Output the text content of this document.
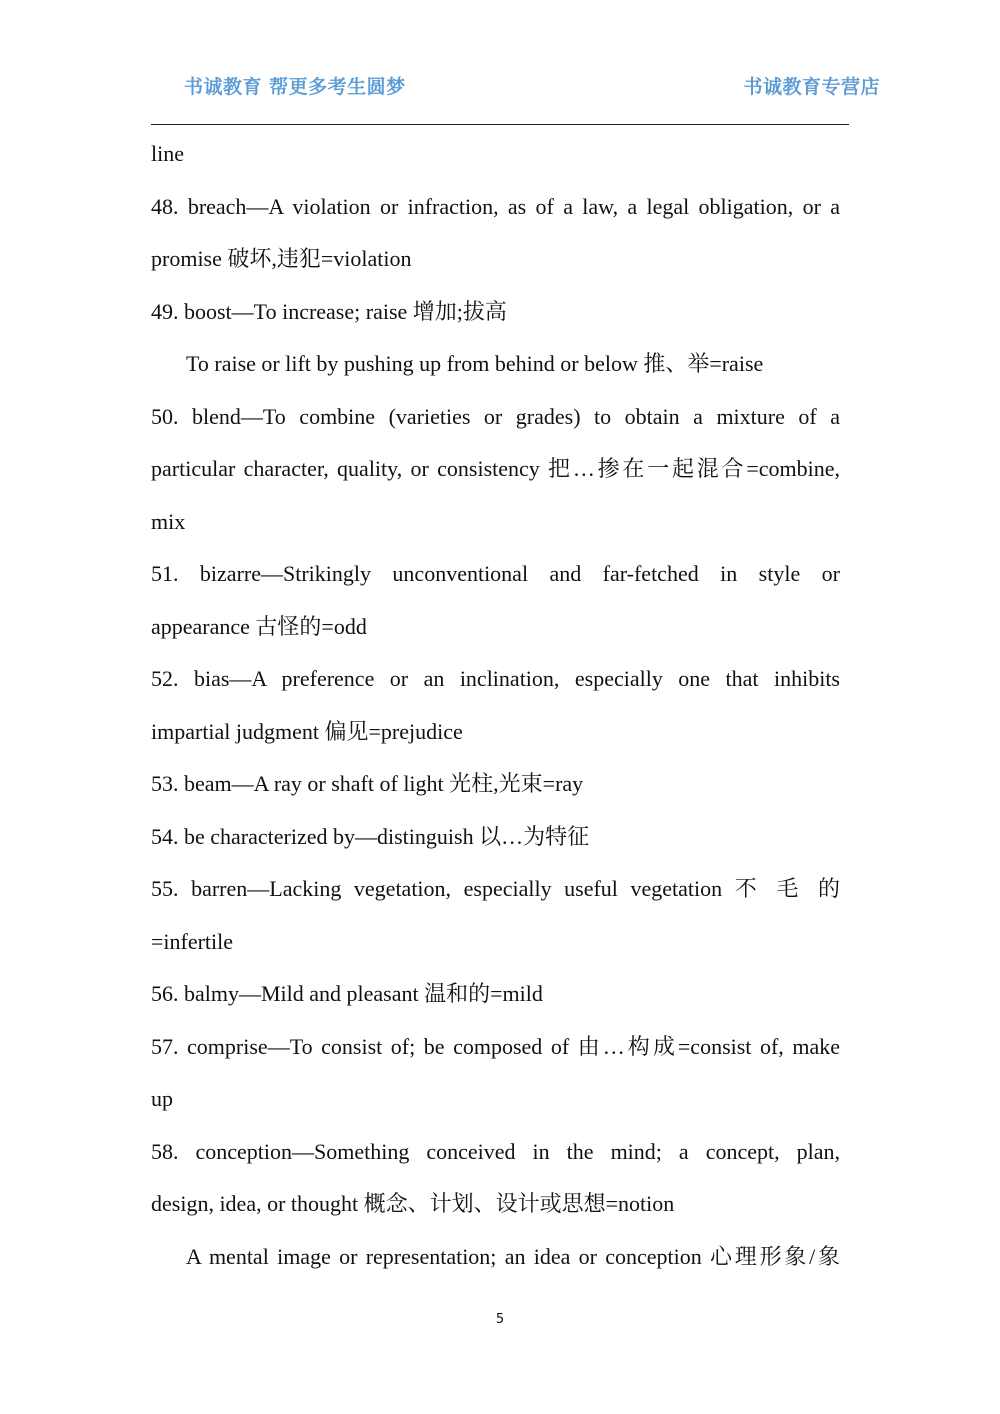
书诚教育 帮更多考生圆梦	书诚教育专营店
line
48. breach—A violation or infraction, as of a law, a legal obligation, or a
promise 破坏,违犯=violation
49. boost—To increase; raise 增加;拔高
To raise or lift by pushing up from behind or below 推、举=raise
50. blend—To combine (varieties or grades) to obtain a mixture of a
particular character, quality, or consistency 把…掺在一起混合=combine,
mix
51. bizarre—Strikingly unconventional and far-fetched in style or
appearance 古怪的=odd
52. bias—A preference or an inclination, especially one that inhibits
impartial judgment 偏见=prejudice
53. beam—A ray or shaft of light 光柱,光束=ray
54. be characterized by—distinguish 以…为特征
55. barren—Lacking vegetation, especially useful vegetation 不 毛 的
=infertile
56. balmy—Mild and pleasant 温和的=mild
57. comprise—To consist of; be composed of 由…构成=consist of, make
up
58. conception—Something conceived in the mind; a concept, plan,
design, idea, or thought 概念、计划、设计或思想=notion
A mental image or representation; an idea or conception 心理形象/象
5
